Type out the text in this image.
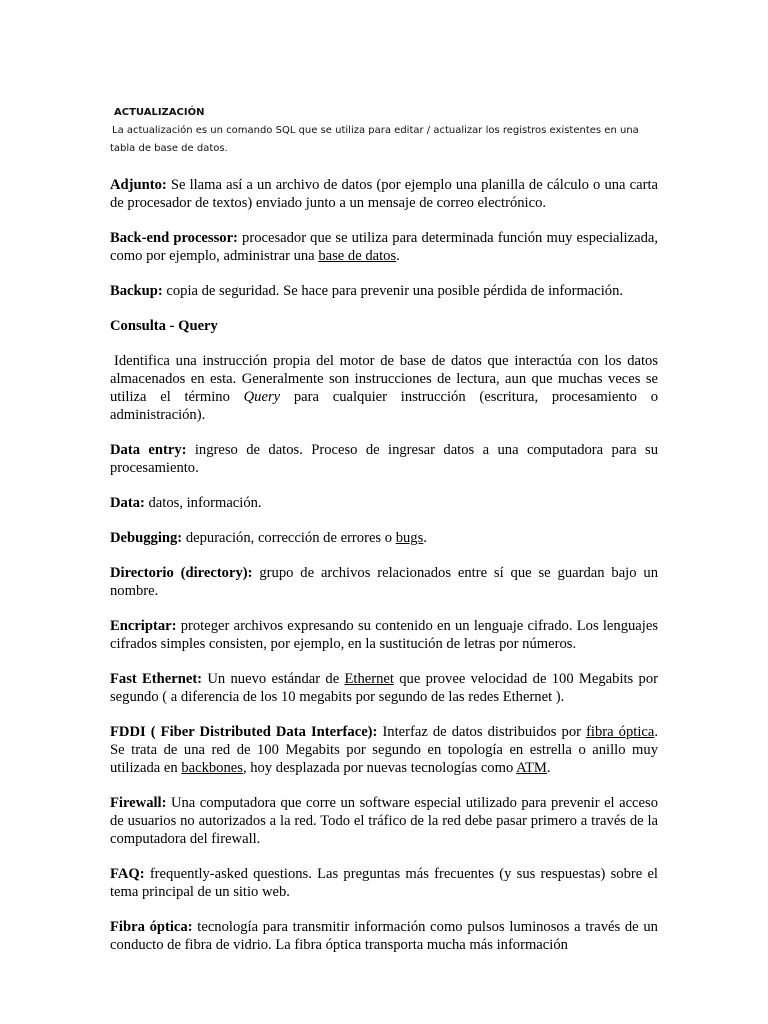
ACTUALIZACIÓN
La actualización es un comando SQL que se utiliza para editar / actualizar los registros existentes en una
tabla de base de datos.

Adjunto: Se llama así a un archivo de datos (por ejemplo una planilla de cálculo o una carta de procesador de textos) enviado junto a un mensaje de correo electrónico.

Back-end processor: procesador que se utiliza para determinada función muy especializada, como por ejemplo, administrar una base de datos.

Backup: copia de seguridad. Se hace para prevenir una posible pérdida de información.

Consulta - Query

Identifica una instrucción propia del motor de base de datos que interactúa con los datos almacenados en esta. Generalmente son instrucciones de lectura, aun que muchas veces se utiliza el término Query para cualquier instrucción (escritura, procesamiento o administración).

Data entry: ingreso de datos. Proceso de ingresar datos a una computadora para su procesamiento.

Data: datos, información.

Debugging: depuración, corrección de errores o bugs.

Directorio (directory): grupo de archivos relacionados entre sí que se guardan bajo un nombre.

Encriptar: proteger archivos expresando su contenido en un lenguaje cifrado. Los lenguajes cifrados simples consisten, por ejemplo, en la sustitución de letras por números.

Fast Ethernet: Un nuevo estándar de Ethernet que provee velocidad de 100 Megabits por segundo ( a diferencia de los 10 megabits por segundo de las redes Ethernet ).

FDDI ( Fiber Distributed Data Interface): Interfaz de datos distribuidos por fibra óptica. Se trata de una red de 100 Megabits por segundo en topología en estrella o anillo muy utilizada en backbones, hoy desplazada por nuevas tecnologías como ATM.

Firewall: Una computadora que corre un software especial utilizado para prevenir el acceso de usuarios no autorizados a la red. Todo el tráfico de la red debe pasar primero a través de la computadora del firewall.

FAQ: frequently-asked questions. Las preguntas más frecuentes (y sus respuestas) sobre el tema principal de un sitio web.

Fibra óptica: tecnología para transmitir información como pulsos luminosos a través de un conducto de fibra de vidrio. La fibra óptica transporta mucha más información
